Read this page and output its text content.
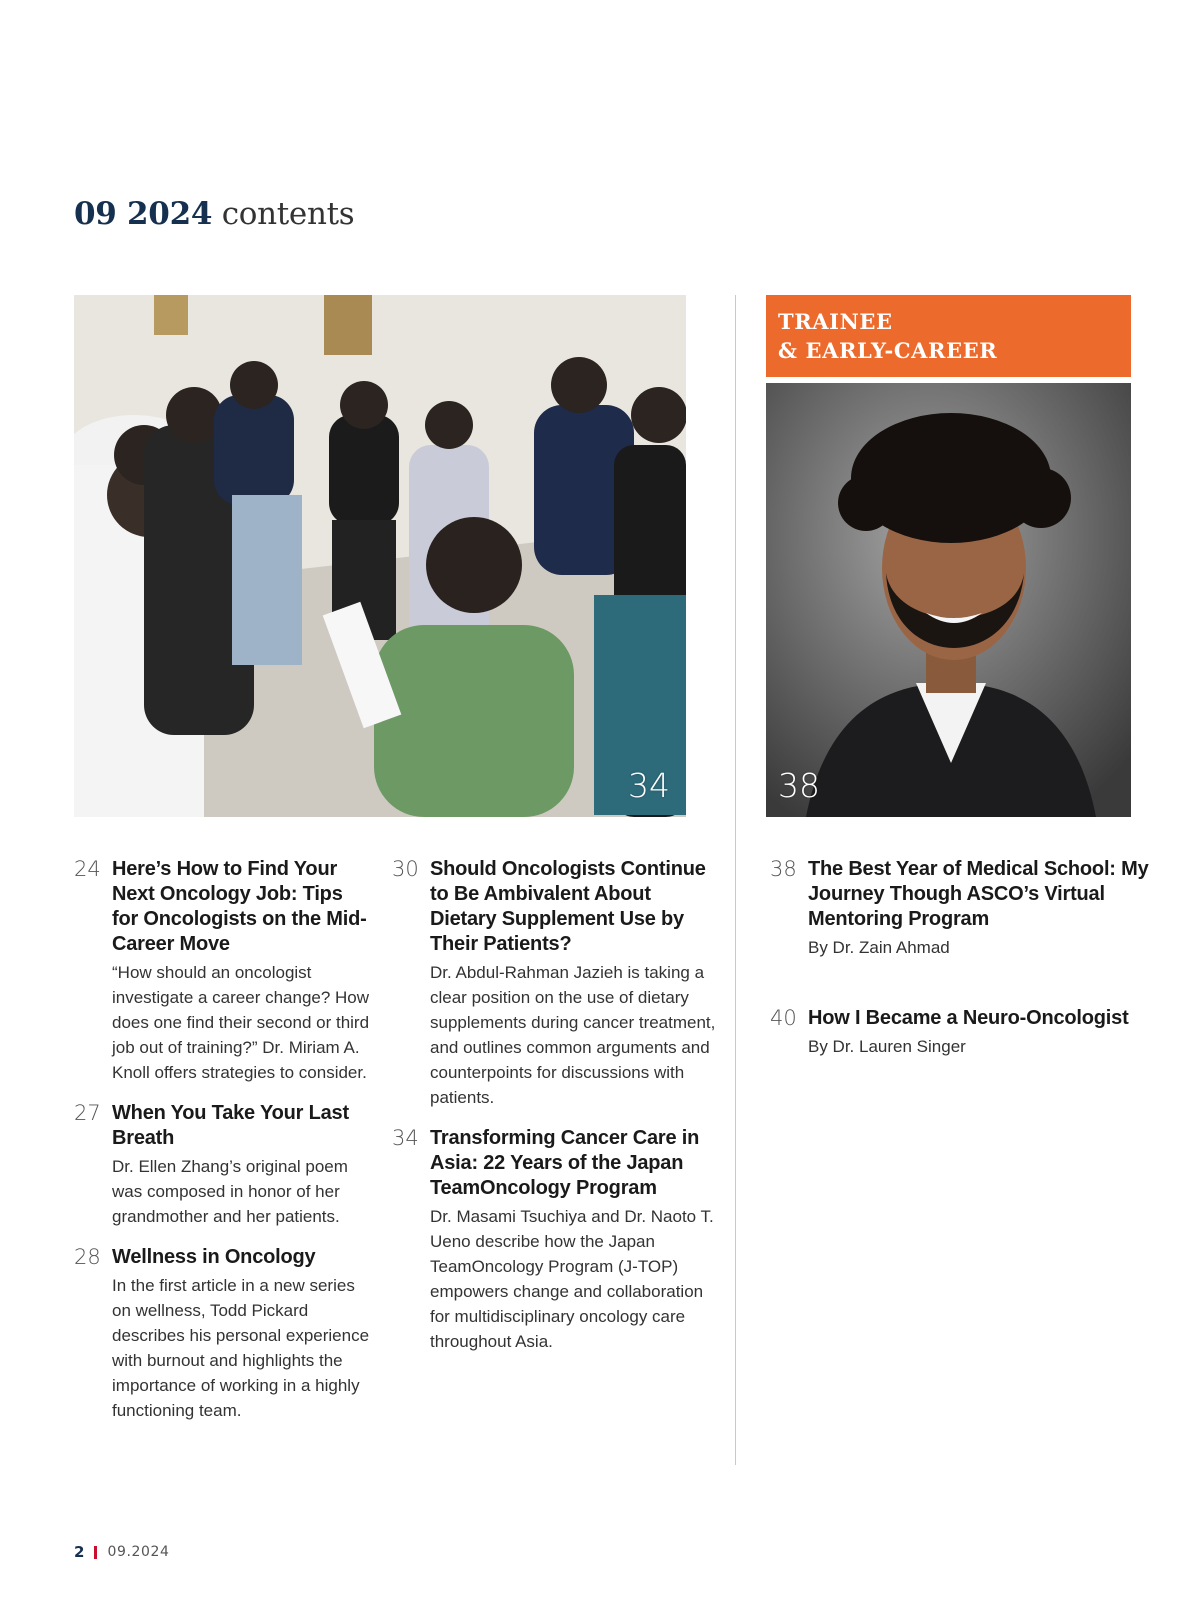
09 2024 contents
34
TRAINEE
& EARLY-CAREER
38
24 Here’s How to Find Your Next Oncology Job: Tips for Oncologists on the Mid-Career Move
“How should an oncologist investigate a career change? How does one find their second or third job out of training?” Dr. Miriam A. Knoll offers strategies to consider.
27 When You Take Your Last Breath
Dr. Ellen Zhang’s original poem was composed in honor of her grandmother and her patients.
28 Wellness in Oncology
In the first article in a new series on wellness, Todd Pickard describes his personal experience with burnout and highlights the importance of working in a highly functioning team.
30 Should Oncologists Continue to Be Ambivalent About Dietary Supplement Use by Their Patients?
Dr. Abdul-Rahman Jazieh is taking a clear position on the use of dietary supplements during cancer treatment, and outlines common arguments and counterpoints for discussions with patients.
34 Transforming Cancer Care in Asia: 22 Years of the Japan TeamOncology Program
Dr. Masami Tsuchiya and Dr. Naoto T. Ueno describe how the Japan TeamOncology Program (J-TOP) empowers change and collaboration for multidisciplinary oncology care throughout Asia.
38 The Best Year of Medical School: My Journey Though ASCO’s Virtual Mentoring Program
By Dr. Zain Ahmad
40 How I Became a Neuro-Oncologist
By Dr. Lauren Singer
2 09.2024
